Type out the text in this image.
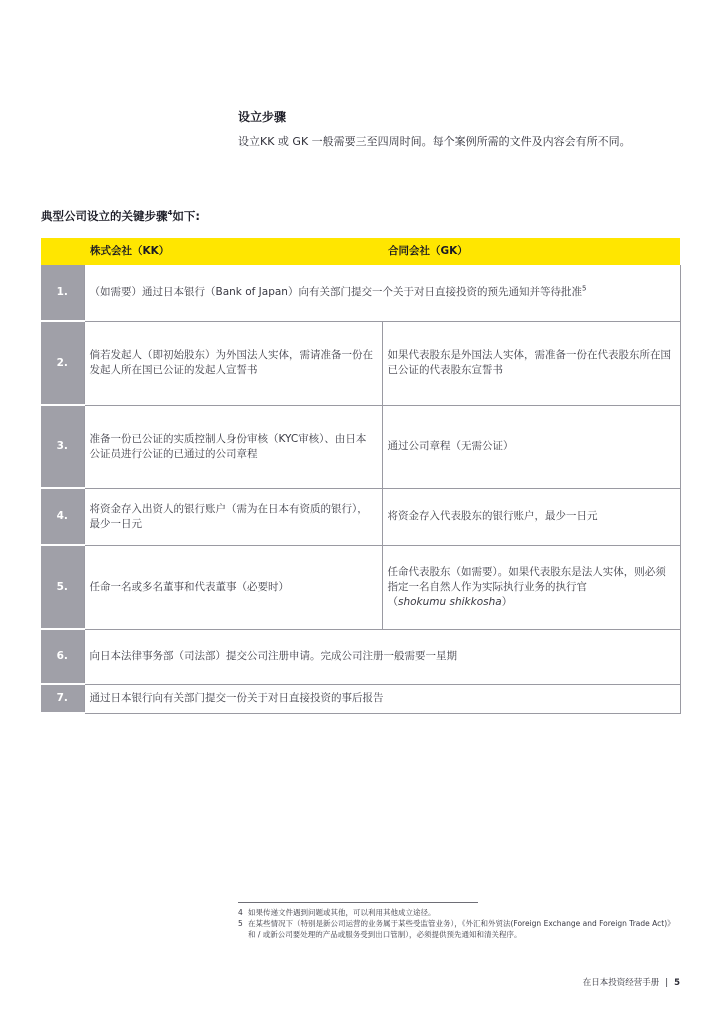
设立步骤
设立KK 或 GK 一般需要三至四周时间。每个案例所需的文件及内容会有所不同。
典型公司设立的关键步骤$^4$如下:
	株式会社（KK）	合同会社（GK）
1.	（如需要）通过日本银行（Bank of Japan）向有关部门提交一个关于对日直接投资的预先通知并等待批准$^5$
2.	倘若发起人（即初始股东）为外国法人实体，需请准备一份在发起人所在国已公证的发起人宣誓书	如果代表股东是外国法人实体，需准备一份在代表股东所在国已公证的代表股东宣誓书
3.	准备一份已公证的实质控制人身份审核（KYC审核）、由日本公证员进行公证的已通过的公司章程	通过公司章程（无需公证）
4.	将资金存入出资人的银行账户（需为在日本有资质的银行），最少一日元	将资金存入代表股东的银行账户，最少一日元
5.	任命一名或多名董事和代表董事（必要时）	任命代表股东（如需要）。如果代表股东是法人实体，则必须指定一名自然人作为实际执行业务的执行官
（shokumu shikkosha）
6.	向日本法律事务部（司法部）提交公司注册申请。完成公司注册一般需要一星期	
7.	通过日本银行向有关部门提交一份关于对日直接投资的事后报告	
4 如果传递文件遇到问题或其他，可以利用其他成立途径。
5 在某些情况下（特别是新公司运营的业务属于某些受监管业务），《外汇和外贸法(Foreign Exchange and Foreign Trade Act)》和 / 或新公司要处理的产品或服务受到出口管制），必须提供预先通知和清关程序。
在日本投资经营手册 | 5
